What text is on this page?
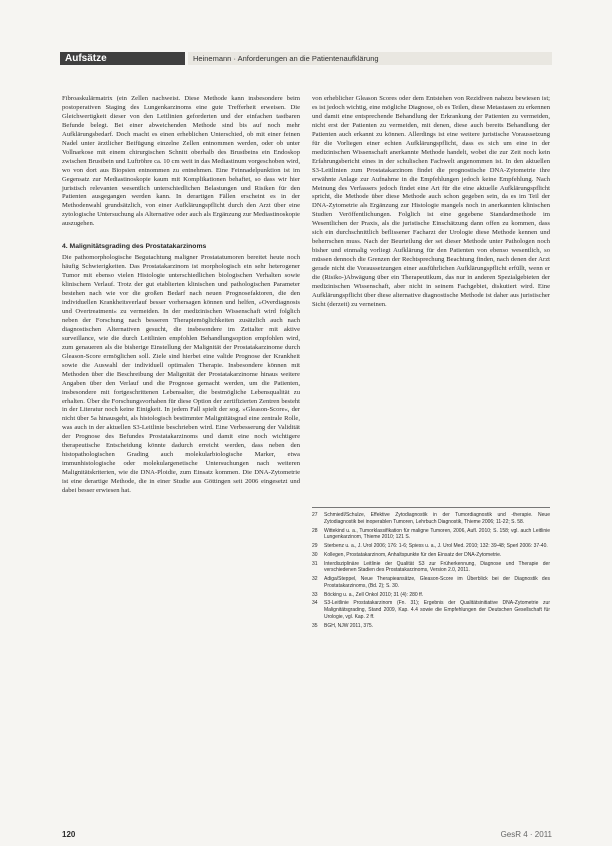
Aufsätze	Heinemann · Anforderungen an die Patientenaufklärung

Fibroaskulärmatrix (ein Zellen nachweist. Diese Methode kann insbesondere beim postoperativen Staging des Lungenkarzinoms eine gute Trefferheit erweisen. Die Gleichwertigkeit dieser von den Leitlinien geforderten und der einfachen tastbaren Befunde belegt. Bei einer abweichenden Methode sind bis auf noch mehr Aufklärungsbedarf. Doch macht es einen erheblichen Unterschied, ob mit einer feinen Nadel unter ärztlicher Beifügung einzelne Zellen entnommen werden, oder ob unter Vollnarkose mit einem chirurgischen Schnitt oberhalb des Brustbeins ein Endoskop zwischen Brustbein und Luftröhre ca. 10 cm weit in das Mediastinum vorgeschoben wird, wo von dort aus Biopsien entnommen zu entnehmen. Eine Feinnadelpunktion ist im Gegensatz zur Mediastinoskopie kaum mit Komplikationen behaftet, so dass wir hier juristisch relevanten wesentlich unterschiedlichen Belastungen und Risiken für den Patienten ausgegangen werden kann. In derartigen Fällen erscheint es in der Methodenwahl grundsätzlich, von einer Aufklärungspflicht durch den Arzt über eine zytologische Untersuchung als Alternative oder auch als Ergänzung zur Mediastinoskopie auszugehen.

4. Malignitätsgrading des Prostatakarzinoms

Die pathomorphologische Begutachtung maligner Prostatatumoren bereitet heute noch häufig Schwierigkeiten. Das Prostatakarzinom ist morphologisch ein sehr heterogener Tumor mit ebenso vielen Histologie unterschiedlichen biologischen Verhalten sowie klinischem Verlauf. Trotz der gut etablierten klinischen und pathologischen Parameter bestehen nach wie vor die großen Bedarf nach neuen Prognosefaktoren, die den individuellen Krankheitsverlauf besser vorhersagen können und helfen, »Overdiagnosis und Overtreatment« zu vermeiden. In der medizinischen Wissenschaft wird folglich neben der Forschung nach besseren Therapiemöglichkeiten zusätzlich auch nach diagnostischen Alternativen gesucht, die insbesondere im Zeitalter mit aktive surveillance, wie die durch Leitlinien empfohlen Behandlungsoption empfohlen wird, zum genaueren als die bisherige Einstellung der Malignität der Prostatakarzinome durch Gleason-Score ermöglichen soll. Ziele sind hierbei eine valide Prognose der Krankheit sowie die Auswahl der individuell optimalen Therapie. Insbesondere können mit Methoden über die Beschreibung der Malignität der Prostatakarzinome hinaus weitere Angaben über den Verlauf und die Prognose gemacht werden, um die Patienten, insbesondere mit fortgeschrittenen Lebensalter, die bestmögliche Lebensqualität zu erhalten. Über die Forschungsvorhaben für diese Option der zertifizierten Zentren besteht in der Literatur noch keine Einigkeit. In jedem Fall spielt der sog. »Gleason-Score«, der nicht über 5a hinausgeht, als histologisch bestimmter Malignitätsgrad eine zentrale Rolle, was auch in der aktuellen S3-Leitlinie beschrieben wird. Eine Verbesserung der Validität der Prognose des Befundes Prostatakarzinoms und damit eine noch wichtigere therapeutische Entscheidung könnte dadurch erreicht werden, dass neben den histopathologischen Grading auch molekularbiologische Marker, etwa immunhistologische oder molekulargenetische Untersuchungen nach weiteren Malignitätskriterien, wie die DNA-Ploidie, zum Einsatz kommen. Die DNA-Zytometrie ist eine derartige Methode, die in einer Studie aus Göttingen seit 2006 eingesetzt und dabei besser erwiesen hat.

von erheblicher Gleason Scores oder dem Entstehen von Rezidiven nahezu bewiesen ist; es ist jedoch wichtig, eine mögliche Diagnose, ob es Teilen, diese Metastasen zu erkennen und damit eine entsprechende Behandlung der Erkrankung der Patienten zu vermeiden, nicht erst der Patienten zu vermeiden, mit denen, diese auch bereits Behandlung der Patienten auch erkannt zu können. Allerdings ist eine weitere juristische Voraussetzung für die Vorliegen einer echten Aufklärungspflicht, dass es sich um eine in der medizinischen Wissenschaft anerkannte Methode handelt, wobei die zur Zeit noch kein Erfahrungsbericht eines in der schulischen Fachwelt angenommen ist. In den aktuellen S3-Leitlinien zum Prostatakarzinom findet die prognostische DNA-Zytometrie ihre erwähnte Anlage zur Aufnahme in die Empfehlungen jedoch keine Empfehlung. Nach Meinung des Verfassers jedoch findet eine Art für die eine aktuelle Aufklärungspflicht spricht, die Methode über diese Methode auch schon gegeben sein, da es im Teil der DNA-Zytometrie als Ergänzung zur Histologie mangels noch in anerkannten klinischen Studien Veröffentlichungen. Folglich ist eine gegebene Standardmethode im Wesentlichen der Praxis, als die juristische Einschätzung dann offen zu kommen, dass sich ein durchschnittlich beflissener Facharzt der Urologie diese Methode kennen und beherrschen muss. Nach der Beurteilung der sei dieser Methode unter Pathologen noch bisher und einmalig vorliegt Aufklärung für den Patienten von ebenso wesentlich, so müssen dennoch die Grenzen der Rechtsprechung Beachtung finden, nach denen der Arzt gerade nicht die Voraussetzungen einer ausführlichen Aufklärungspflicht erfüllt, wenn er die (Risiko-)Abwägung über ein Therapeutikum, das nur in anderen Spezialgebieten der medizinischen Wissenschaft, aber nicht in seinem Fachgebiet, diskutiert wird. Eine Aufklärungspflicht über diese alternative diagnostische Methode ist daher aus juristischer Sicht (derzeit) zu verneinen.

27	Schmiedl/Schulze, Effektive Zytodiagnostik in der Tumordiagnostik und -therapie. Neue Zytodiagnostik bei inoperablen Tumoren, Lehrbuch Diagnostik, Thieme 2006; 11-22; S. 58.
28	Wittekind u. a., Tumorklassifikation für maligne Tumoren, 2006, Aufl. 2010; S. 158; vgl. auch Leitlinie Lungenkarzinom, Thieme 2010; 121 S.
29	Sterbenz u. a., J. Urol 2006; 176: 1-6; Spiess u. a., J. Urol Med. 2010; 132: 39-48; Sperl 2006: 37-40.
30	Kollegen, Prostatakarzinom, Anhaltspunkte für den Einsatz der DNA-Zytometrie.
31	Interdisziplinäre Leitlinie der Qualität S3 zur Früherkennung, Diagnose und Therapie der verschiedenen Stadien des Prostatakarzinoms, Version 2.0, 2011.
32	Adiga/Steppel, Neue Therapieansätze, Gleason-Score im Überblick bei der Diagnostik des Prostatakarzinoms, (Bd. 2); S. 30.
33	Böcking u. a., Zell Onkol 2010; 31 (4): 280 ff.
34	S3-Leitlinie Prostatakarzinom (Fn. 31); Ergebnis der Qualitätsinitiative DNA-Zytometrie zur Malignitätsgrading, Stand 2009, Kap. 4.4 sowie die Empfehlungen der Deutschen Gesellschaft für Urologie, vgl. Kap. 2 ff.
35	BGH, NJW 2011, 375.
120	GesR 4 · 2011
